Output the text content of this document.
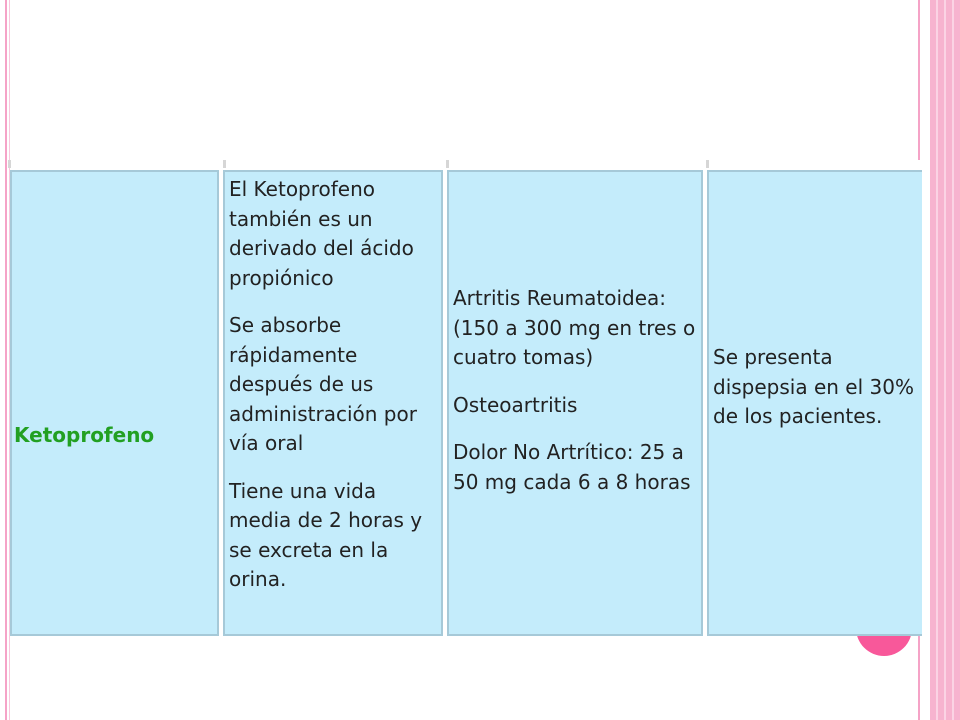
Ketoprofeno

El Ketoprofeno también es un derivado del ácido propiónico

Se absorbe rápidamente después de us administración por vía oral

Tiene una vida media de 2 horas y se excreta en la orina.

Artritis Reumatoidea: (150 a 300 mg en tres o cuatro tomas)

Osteoartritis

Dolor No Artrítico: 25 a 50 mg cada 6 a 8 horas

Se presenta dispepsia en el 30% de los pacientes.
